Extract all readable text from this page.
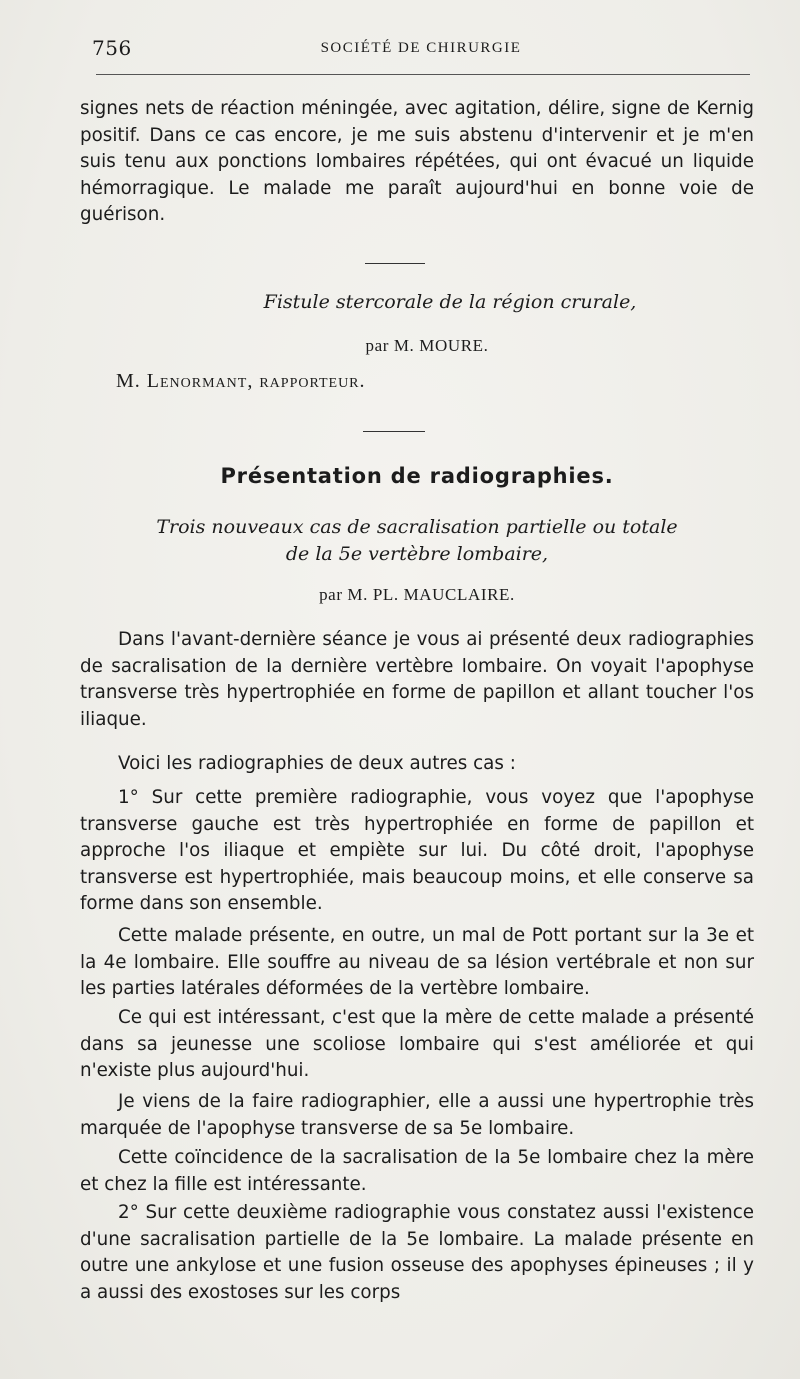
756	SOCIÉTÉ DE CHIRURGIE

signes nets de réaction méningée, avec agitation, délire, signe de Kernig positif. Dans ce cas encore, je me suis abstenu d'intervenir et je m'en suis tenu aux ponctions lombaires répétées, qui ont évacué un liquide hémorragique. Le malade me paraît aujourd'hui en bonne voie de guérison.

Fistule stercorale de la région crurale,
par M. MOURE.
M. Lenormant, rapporteur.
Présentation de radiographies.
Trois nouveaux cas de sacralisation partielle ou totale
de la 5e vertèbre lombaire,
par M. PL. MAUCLAIRE.

Dans l'avant-dernière séance je vous ai présenté deux radiographies de sacralisation de la dernière vertèbre lombaire. On voyait l'apophyse transverse très hypertrophiée en forme de papillon et allant toucher l'os iliaque.

Voici les radiographies de deux autres cas :

1° Sur cette première radiographie, vous voyez que l'apophyse transverse gauche est très hypertrophiée en forme de papillon et approche l'os iliaque et empiète sur lui. Du côté droit, l'apophyse transverse est hypertrophiée, mais beaucoup moins, et elle conserve sa forme dans son ensemble.

Cette malade présente, en outre, un mal de Pott portant sur la 3e et la 4e lombaire. Elle souffre au niveau de sa lésion vertébrale et non sur les parties latérales déformées de la vertèbre lombaire.

Ce qui est intéressant, c'est que la mère de cette malade a présenté dans sa jeunesse une scoliose lombaire qui s'est améliorée et qui n'existe plus aujourd'hui.

Je viens de la faire radiographier, elle a aussi une hypertrophie très marquée de l'apophyse transverse de sa 5e lombaire.

Cette coïncidence de la sacralisation de la 5e lombaire chez la mère et chez la fille est intéressante.

2° Sur cette deuxième radiographie vous constatez aussi l'existence d'une sacralisation partielle de la 5e lombaire. La malade présente en outre une ankylose et une fusion osseuse des apophyses épineuses ; il y a aussi des exostoses sur les corps
